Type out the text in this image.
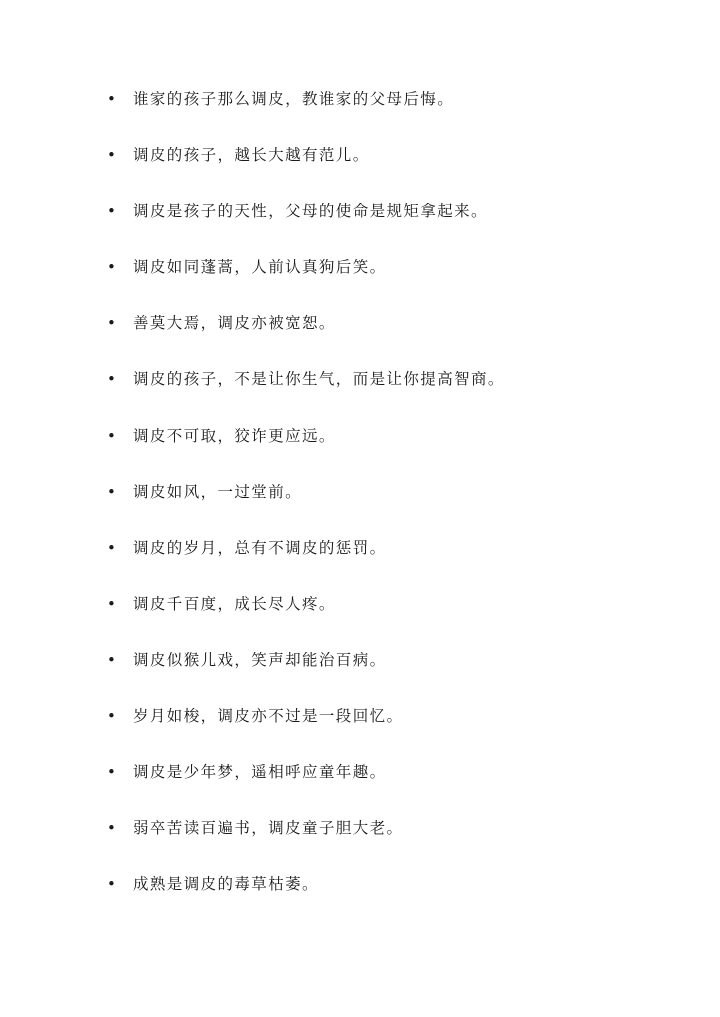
• 谁家的孩子那么调皮，教谁家的父母后悔。
• 调皮的孩子，越长大越有范儿。
• 调皮是孩子的天性，父母的使命是规矩拿起来。
• 调皮如同蓬蒿，人前认真狗后笑。
• 善莫大焉，调皮亦被宽恕。
• 调皮的孩子，不是让你生气，而是让你提高智商。
• 调皮不可取，狡诈更应远。
• 调皮如风，一过堂前。
• 调皮的岁月，总有不调皮的惩罚。
• 调皮千百度，成长尽人疼。
• 调皮似猴儿戏，笑声却能治百病。
• 岁月如梭，调皮亦不过是一段回忆。
• 调皮是少年梦，遥相呼应童年趣。
• 弱卒苦读百遍书，调皮童子胆大老。
• 成熟是调皮的毒草枯萎。
